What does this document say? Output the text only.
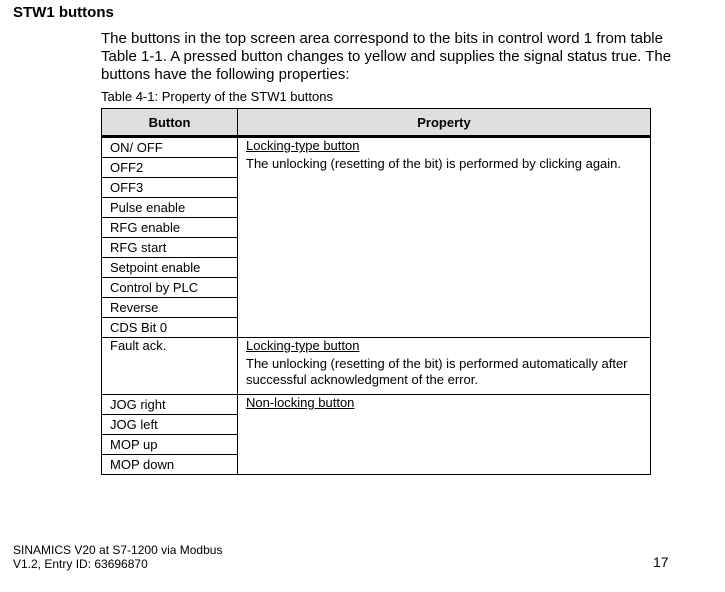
STW1 buttons
The buttons in the top screen area correspond to the bits in control word 1 from table Table 1-1. A pressed button changes to yellow and supplies the signal status true. The buttons have the following properties:
Table 4-1: Property of the STW1 buttons
Button	Property
ON/ OFF	Locking-type button
The unlocking (resetting of the bit) is performed by clicking again.

OFF2	
OFF3	
Pulse enable	
RFG enable	
RFG start	
Setpoint enable	
Control by PLC	
Reverse	
CDS Bit 0	
Fault ack.	Locking-type button
The unlocking (resetting of the bit) is performed automatically after successful acknowledgment of the error.

JOG right	Non-locking button

JOG left	
MOP up	
MOP down	
SINAMICS V20 at S7-1200 via Modbus
V1.2, Entry ID: 63696870	17
